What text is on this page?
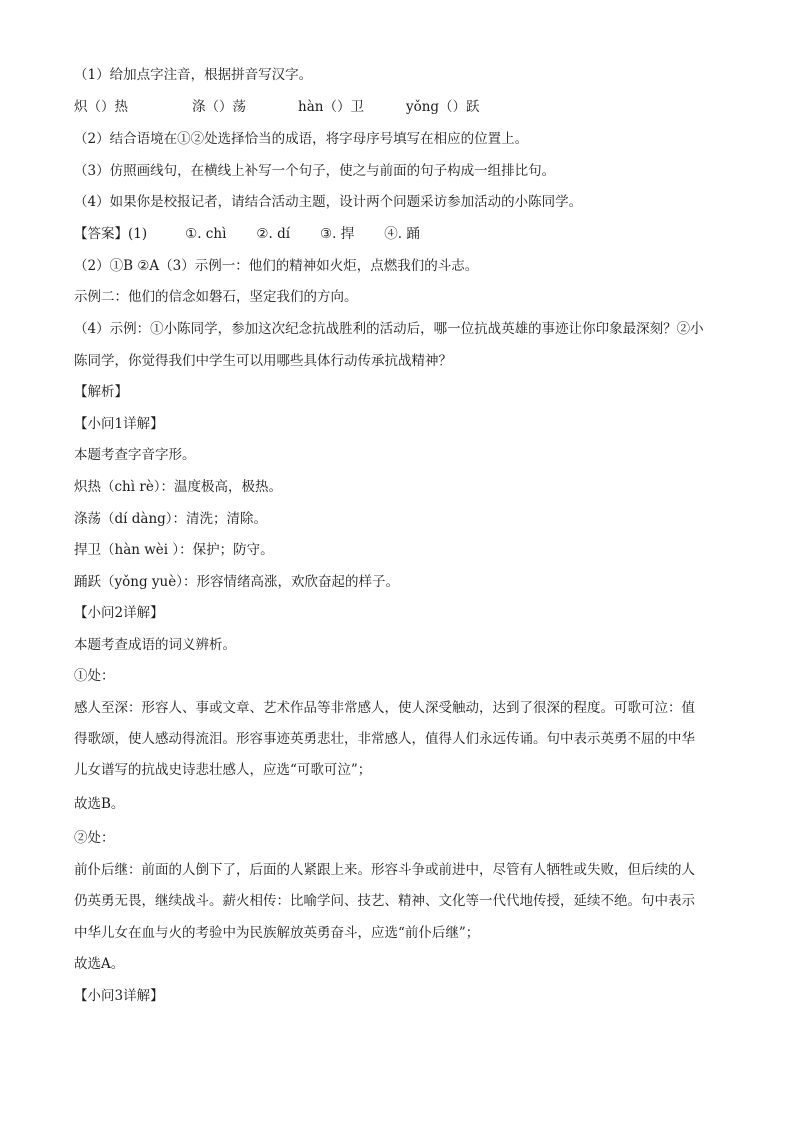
（1）给加点字注音，根据拼音写汉字。
炽（）热	涤（）荡	hàn（）卫	yǒng（）跃
（2）结合语境在①②处选择恰当的成语，将字母序号填写在相应的位置上。
（3）仿照画线句，在横线上补写一个句子，使之与前面的句子构成一组排比句。
（4）如果你是校报记者，请结合活动主题，设计两个问题采访参加活动的小陈同学。
【答案】(1)	①. chì ②. dí ③. 捍 ④. 踊
（2）①B ②A（3）示例一：他们的精神如火炬，点燃我们的斗志。
示例二：他们的信念如磐石，坚定我们的方向。
（4）示例：①小陈同学，参加这次纪念抗战胜利的活动后，哪一位抗战英雄的事迹让你印象最深刻？②小
陈同学，你觉得我们中学生可以用哪些具体行动传承抗战精神？
【解析】
【小问1详解】
本题考查字音字形。
炽热（chì rè）：温度极高，极热。
涤荡（dí dàng）：清洗；清除。
捍卫（hàn wèi ）：保护；防守。
踊跃（yǒng yuè）：形容情绪高涨，欢欣奋起的样子。
【小问2详解】
本题考查成语的词义辨析。
①处：
感人至深：形容人、事或文章、艺术作品等非常感人，使人深受触动，达到了很深的程度。可歌可泣：值
得歌颂，使人感动得流泪。形容事迹英勇悲壮，非常感人，值得人们永远传诵。句中表示英勇不屈的中华
儿女谱写的抗战史诗悲壮感人，应选“可歌可泣”；
故选B。
②处：
前仆后继：前面的人倒下了，后面的人紧跟上来。形容斗争或前进中，尽管有人牺牲或失败，但后续的人
仍英勇无畏，继续战斗。薪火相传：比喻学问、技艺、精神、文化等一代代地传授，延续不绝。句中表示
中华儿女在血与火的考验中为民族解放英勇奋斗，应选“前仆后继”；
故选A。
【小问3详解】
